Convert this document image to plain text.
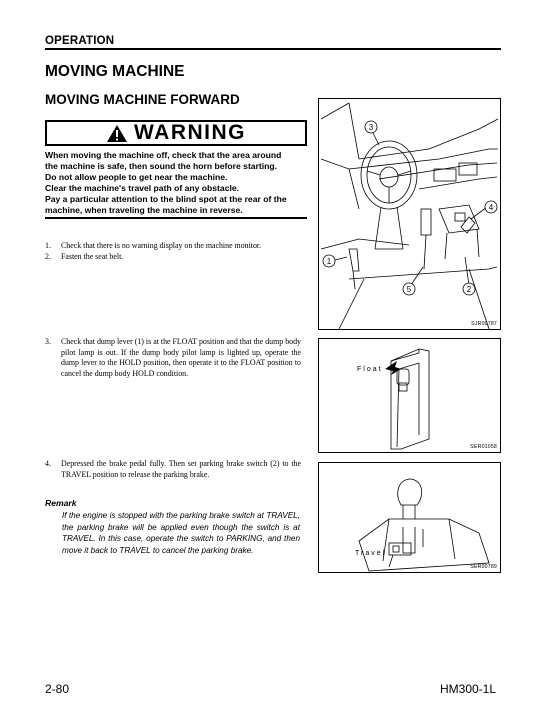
OPERATION
MOVING MACHINE
MOVING MACHINE FORWARD
WARNING
When moving the machine off, check that the area around
the machine is safe, then sound the horn before starting.
Do not allow people to get near the machine.
Clear the machine's travel path of any obstacle.
Pay a particular attention to the blind spot at the rear of the
machine, when traveling the machine in reverse.
1. Check that there is no warning display on the machine monitor.
2. Fasten the seat belt.
3. Check that dump lever (1) is at the FLOAT position and that the dump body pilot lamp is out. If the dump body pilot lamp is lighted up, operate the dump lever to the HOLD position, then operate it to the FLOAT position to cancel the dump body HOLD condition.
4. Depressed the brake pedal fully. Then set parking brake switch (2) to the TRAVEL position to release the parking brake.
Remark
If the engine is stopped with the parking brake switch at TRAVEL, the parking brake will be applied even though the switch is at TRAVEL. In this case, operate the switch to PARKING, and then move it back to TRAVEL to cancel the parking brake.
3
1
4
5	2
SJR00787
Float
SER01058
Travel
SER00789
2-80	HM300-1L
